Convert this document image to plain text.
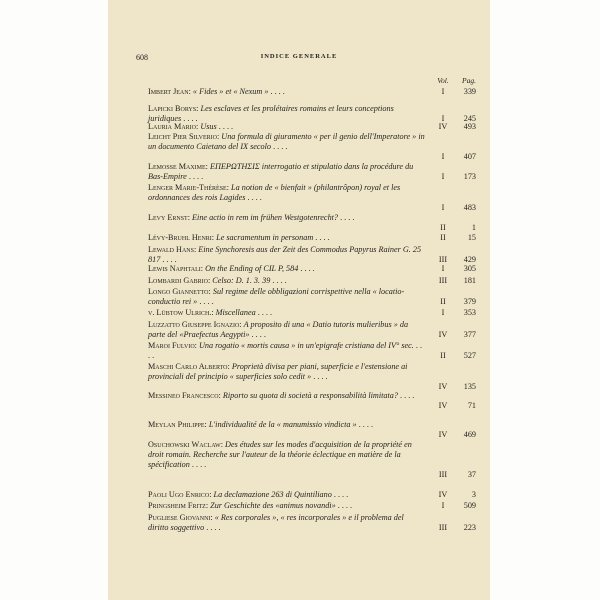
608	INDICE GENERALE
Vol.	Pag.
Imbert Jean: « Fides » et « Nexum » . . . .	I	339
Lapicki Borys: Les esclaves et les prolétaires romains et leurs conceptions juridiques . . . .	I	245
Lauria Mario: Usus . . . .	IV	493
Leicht Pier Silverio: Una formula di giuramento « per il genio dell'Imperatore » in un documento Caietano del IX secolo . . . .
I	407
Lemosse Maxime: ΕΠΕΡΩΤΗΣΙΣ interrogatio et stipulatio dans la procédure du Bas-Empire . . . .	I	173
Lenger Marie-Thérèse: La notion de « bienfait » (philantrôpon) royal et les ordonnances des rois Lagides . . . .
I	483
Levy Ernst: Eine actio in rem im frühen Westgotenrecht? . . . .
II	1
Lévy-Bruhl Henri: Le sacramentum in personam . . . .	II	15
Lewald Hans: Eine Synchoresis aus der Zeit des Commodus Papyrus Rainer G. 25 817 . . . .	III	429
Lewis Naphtali: On the Ending of CIL P, 584 . . . .	I	305
Lombardi Gabrio: Celso: D. 1. 3. 39 . . . .	III	181
Longo Giannetto: Sul regime delle obbligazioni corrispettive nella « locatio-conductio rei » . . . .	II	379
v. Lübtow Ulrich.: Miscellanea . . . .	I	353
Luzzatto Giuseppe Ignazio: A proposito di una « Datio tutoris mulieribus » da parte del «Praefectus Aegypti» . . . .	IV	377
Maroi Fulvio: Una rogatio « mortis causa » in un'epigrafe cristiana del IV° sec. . . . .	II	527
Maschi Carlo Alberto: Proprietà divisa per piani, superficie e l'estensione ai provinciali del principio « superficies solo cedit » . . . .
IV	135
Messineo Francesco: Riporto su quota di società a responsabilità limitata? . . . .
IV	71
Meylan Philippe: L'individualité de la « manumissio vindicta » . . . .
IV	469
Osuchowski Waclaw: Des études sur les modes d'acquisition de la propriété en droit romain. Recherche sur l'auteur de la théorie éclectique en matière de la spécification . . . .
III	37
Paoli Ugo Enrico: La declamazione 263 di Quintiliano . . . .	IV	3
Pringsheim Fritz: Zur Geschichte des «animus novandi» . . . .	I	509
Pugliese Giovanni: « Res corporales », « res incorporales » e il problema del diritto soggettivo . . . .	III	223
